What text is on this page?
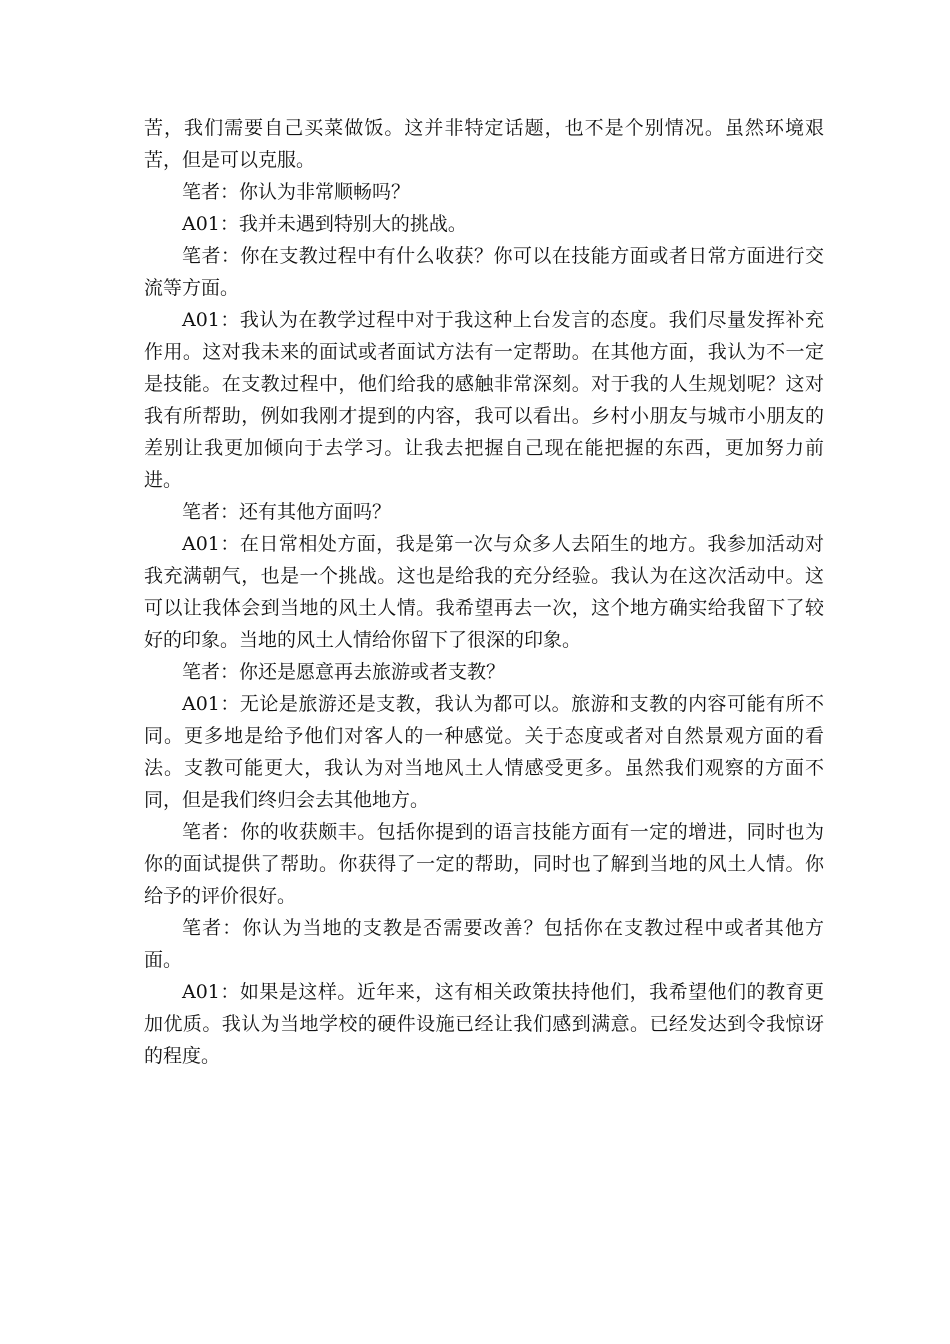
苦，我们需要自己买菜做饭。这并非特定话题，也不是个别情况。虽然环境艰苦，但是可以克服。

笔者：你认为非常顺畅吗？

A01：我并未遇到特别大的挑战。

笔者：你在支教过程中有什么收获？你可以在技能方面或者日常方面进行交流等方面。

A01：我认为在教学过程中对于我这种上台发言的态度。我们尽量发挥补充作用。这对我未来的面试或者面试方法有一定帮助。在其他方面，我认为不一定是技能。在支教过程中，他们给我的感触非常深刻。对于我的人生规划呢？这对我有所帮助，例如我刚才提到的内容，我可以看出。乡村小朋友与城市小朋友的差别让我更加倾向于去学习。让我去把握自己现在能把握的东西，更加努力前进。

笔者：还有其他方面吗？

A01：在日常相处方面，我是第一次与众多人去陌生的地方。我参加活动对我充满朝气，也是一个挑战。这也是给我的充分经验。我认为在这次活动中。这可以让我体会到当地的风土人情。我希望再去一次，这个地方确实给我留下了较好的印象。当地的风土人情给你留下了很深的印象。

笔者：你还是愿意再去旅游或者支教？

A01：无论是旅游还是支教，我认为都可以。旅游和支教的内容可能有所不同。更多地是给予他们对客人的一种感觉。关于态度或者对自然景观方面的看法。支教可能更大，我认为对当地风土人情感受更多。虽然我们观察的方面不同，但是我们终归会去其他地方。

笔者：你的收获颇丰。包括你提到的语言技能方面有一定的增进，同时也为你的面试提供了帮助。你获得了一定的帮助，同时也了解到当地的风土人情。你给予的评价很好。

笔者：你认为当地的支教是否需要改善？包括你在支教过程中或者其他方面。

A01：如果是这样。近年来，这有相关政策扶持他们，我希望他们的教育更加优质。我认为当地学校的硬件设施已经让我们感到满意。已经发达到令我惊讶的程度。
